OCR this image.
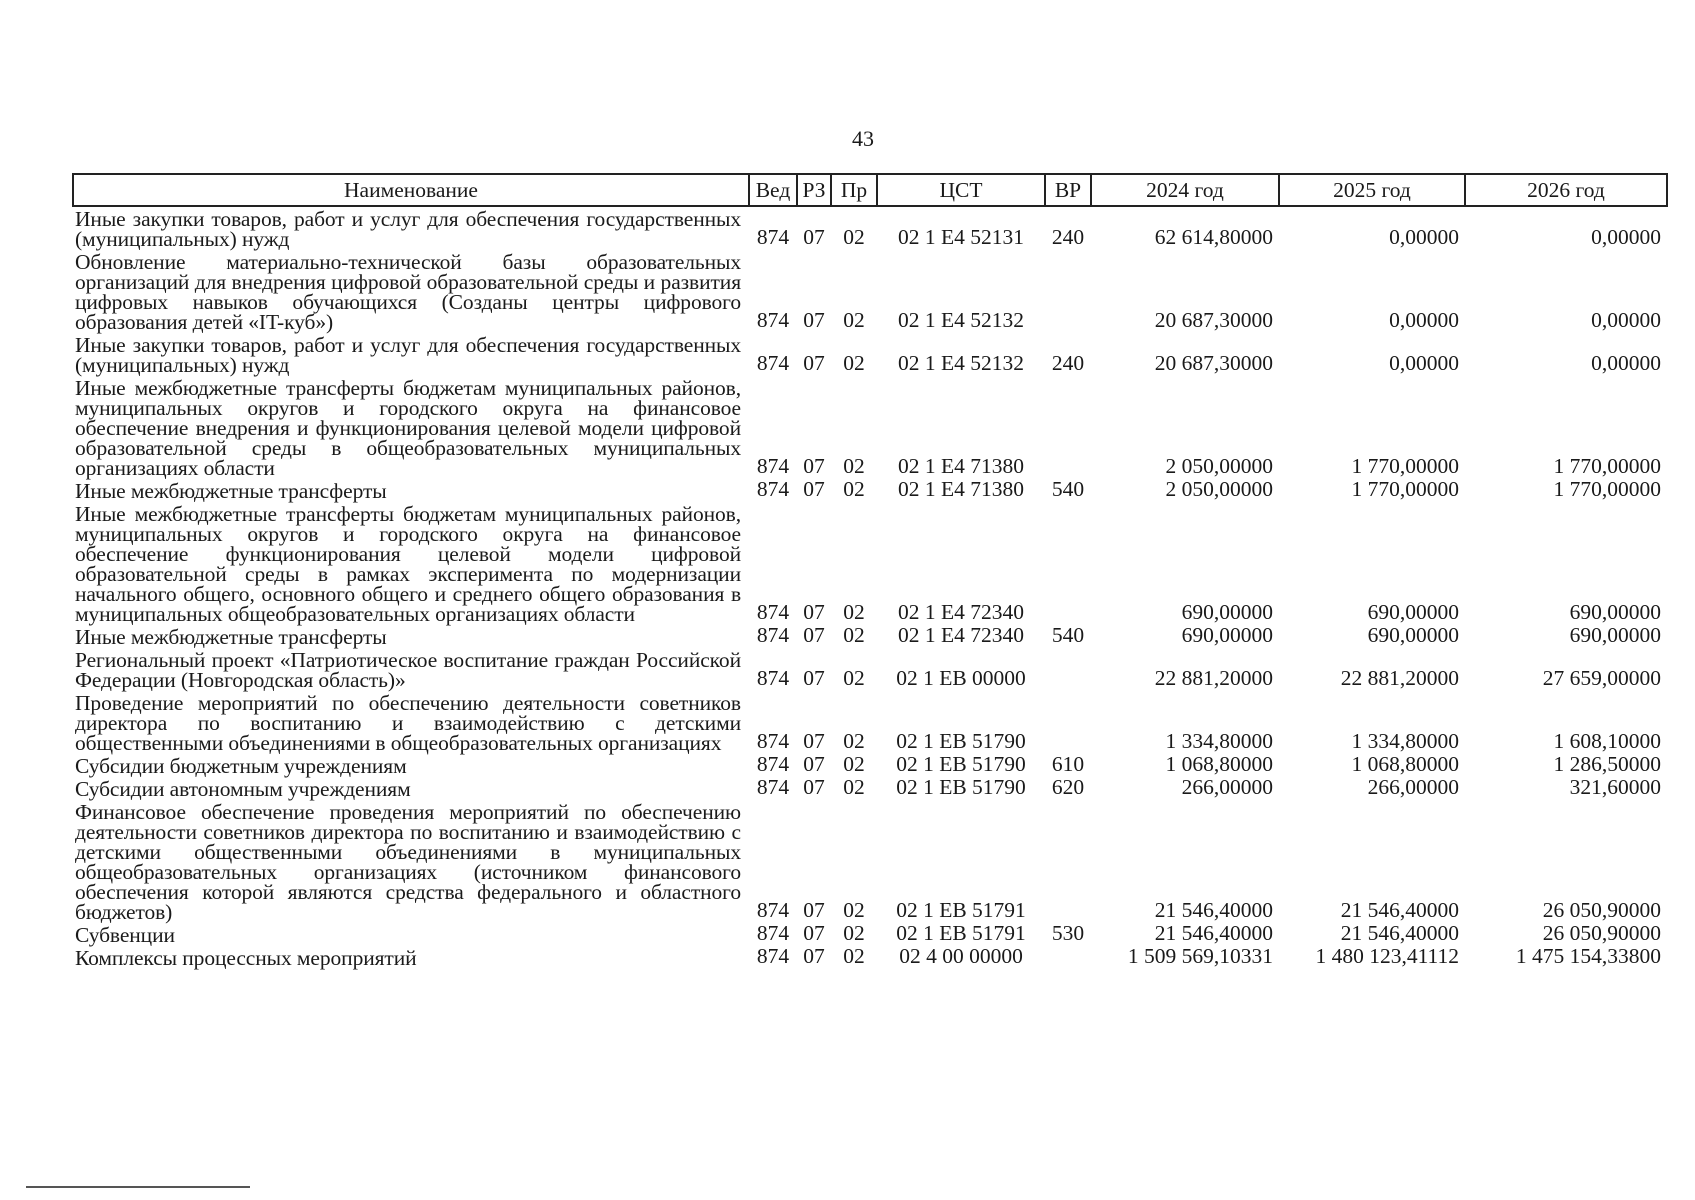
43
Наименование	Вед	РЗ	Пр	ЦСТ	ВР	2024 год	2025 год	2026 год
Иные закупки товаров, работ и услуг для обеспечения государственных (муниципальных) нужд	874	07	02	02 1 Е4 52131	240	62 614,80000	0,00000	0,00000
Обновление материально-технической базы образовательных организаций для внедрения цифровой образовательной среды и развития цифровых навыков обучающихся (Созданы центры цифрового образования детей «IT-куб»)	874	07	02	02 1 Е4 52132		20 687,30000	0,00000	0,00000
Иные закупки товаров, работ и услуг для обеспечения государственных (муниципальных) нужд	874	07	02	02 1 Е4 52132	240	20 687,30000	0,00000	0,00000
Иные межбюджетные трансферты бюджетам муниципальных районов, муниципальных округов и городского округа на финансовое обеспечение внедрения и функционирования целевой модели цифровой образовательной среды в общеобразовательных муниципальных организациях области	874	07	02	02 1 Е4 71380		2 050,00000	1 770,00000	1 770,00000
Иные межбюджетные трансферты	874	07	02	02 1 Е4 71380	540	2 050,00000	1 770,00000	1 770,00000
Иные межбюджетные трансферты бюджетам муниципальных районов, муниципальных округов и городского округа на финансовое обеспечение функционирования целевой модели цифровой образовательной среды в рамках эксперимента по модернизации начального общего, основного общего и среднего общего образования в муниципальных общеобразовательных организациях области	874	07	02	02 1 Е4 72340		690,00000	690,00000	690,00000
Иные межбюджетные трансферты	874	07	02	02 1 Е4 72340	540	690,00000	690,00000	690,00000
Региональный проект «Патриотическое воспитание граждан Российской Федерации (Новгородская область)»	874	07	02	02 1 ЕВ 00000		22 881,20000	22 881,20000	27 659,00000
Проведение мероприятий по обеспечению деятельности советников директора по воспитанию и взаимодействию с детскими общественными объединениями в общеобразовательных организациях	874	07	02	02 1 ЕВ 51790		1 334,80000	1 334,80000	1 608,10000
Субсидии бюджетным учреждениям	874	07	02	02 1 ЕВ 51790	610	1 068,80000	1 068,80000	1 286,50000
Субсидии автономным учреждениям	874	07	02	02 1 ЕВ 51790	620	266,00000	266,00000	321,60000
Финансовое обеспечение проведения мероприятий по обеспечению деятельности советников директора по воспитанию и взаимодействию с детскими общественными объединениями в муниципальных общеобразовательных организациях (источником финансового обеспечения которой являются средства федерального и областного бюджетов)	874	07	02	02 1 ЕВ 51791		21 546,40000	21 546,40000	26 050,90000
Субвенции	874	07	02	02 1 ЕВ 51791	530	21 546,40000	21 546,40000	26 050,90000
Комплексы процессных мероприятий	874	07	02	02 4 00 00000		1 509 569,10331	1 480 123,41112	1 475 154,33800
